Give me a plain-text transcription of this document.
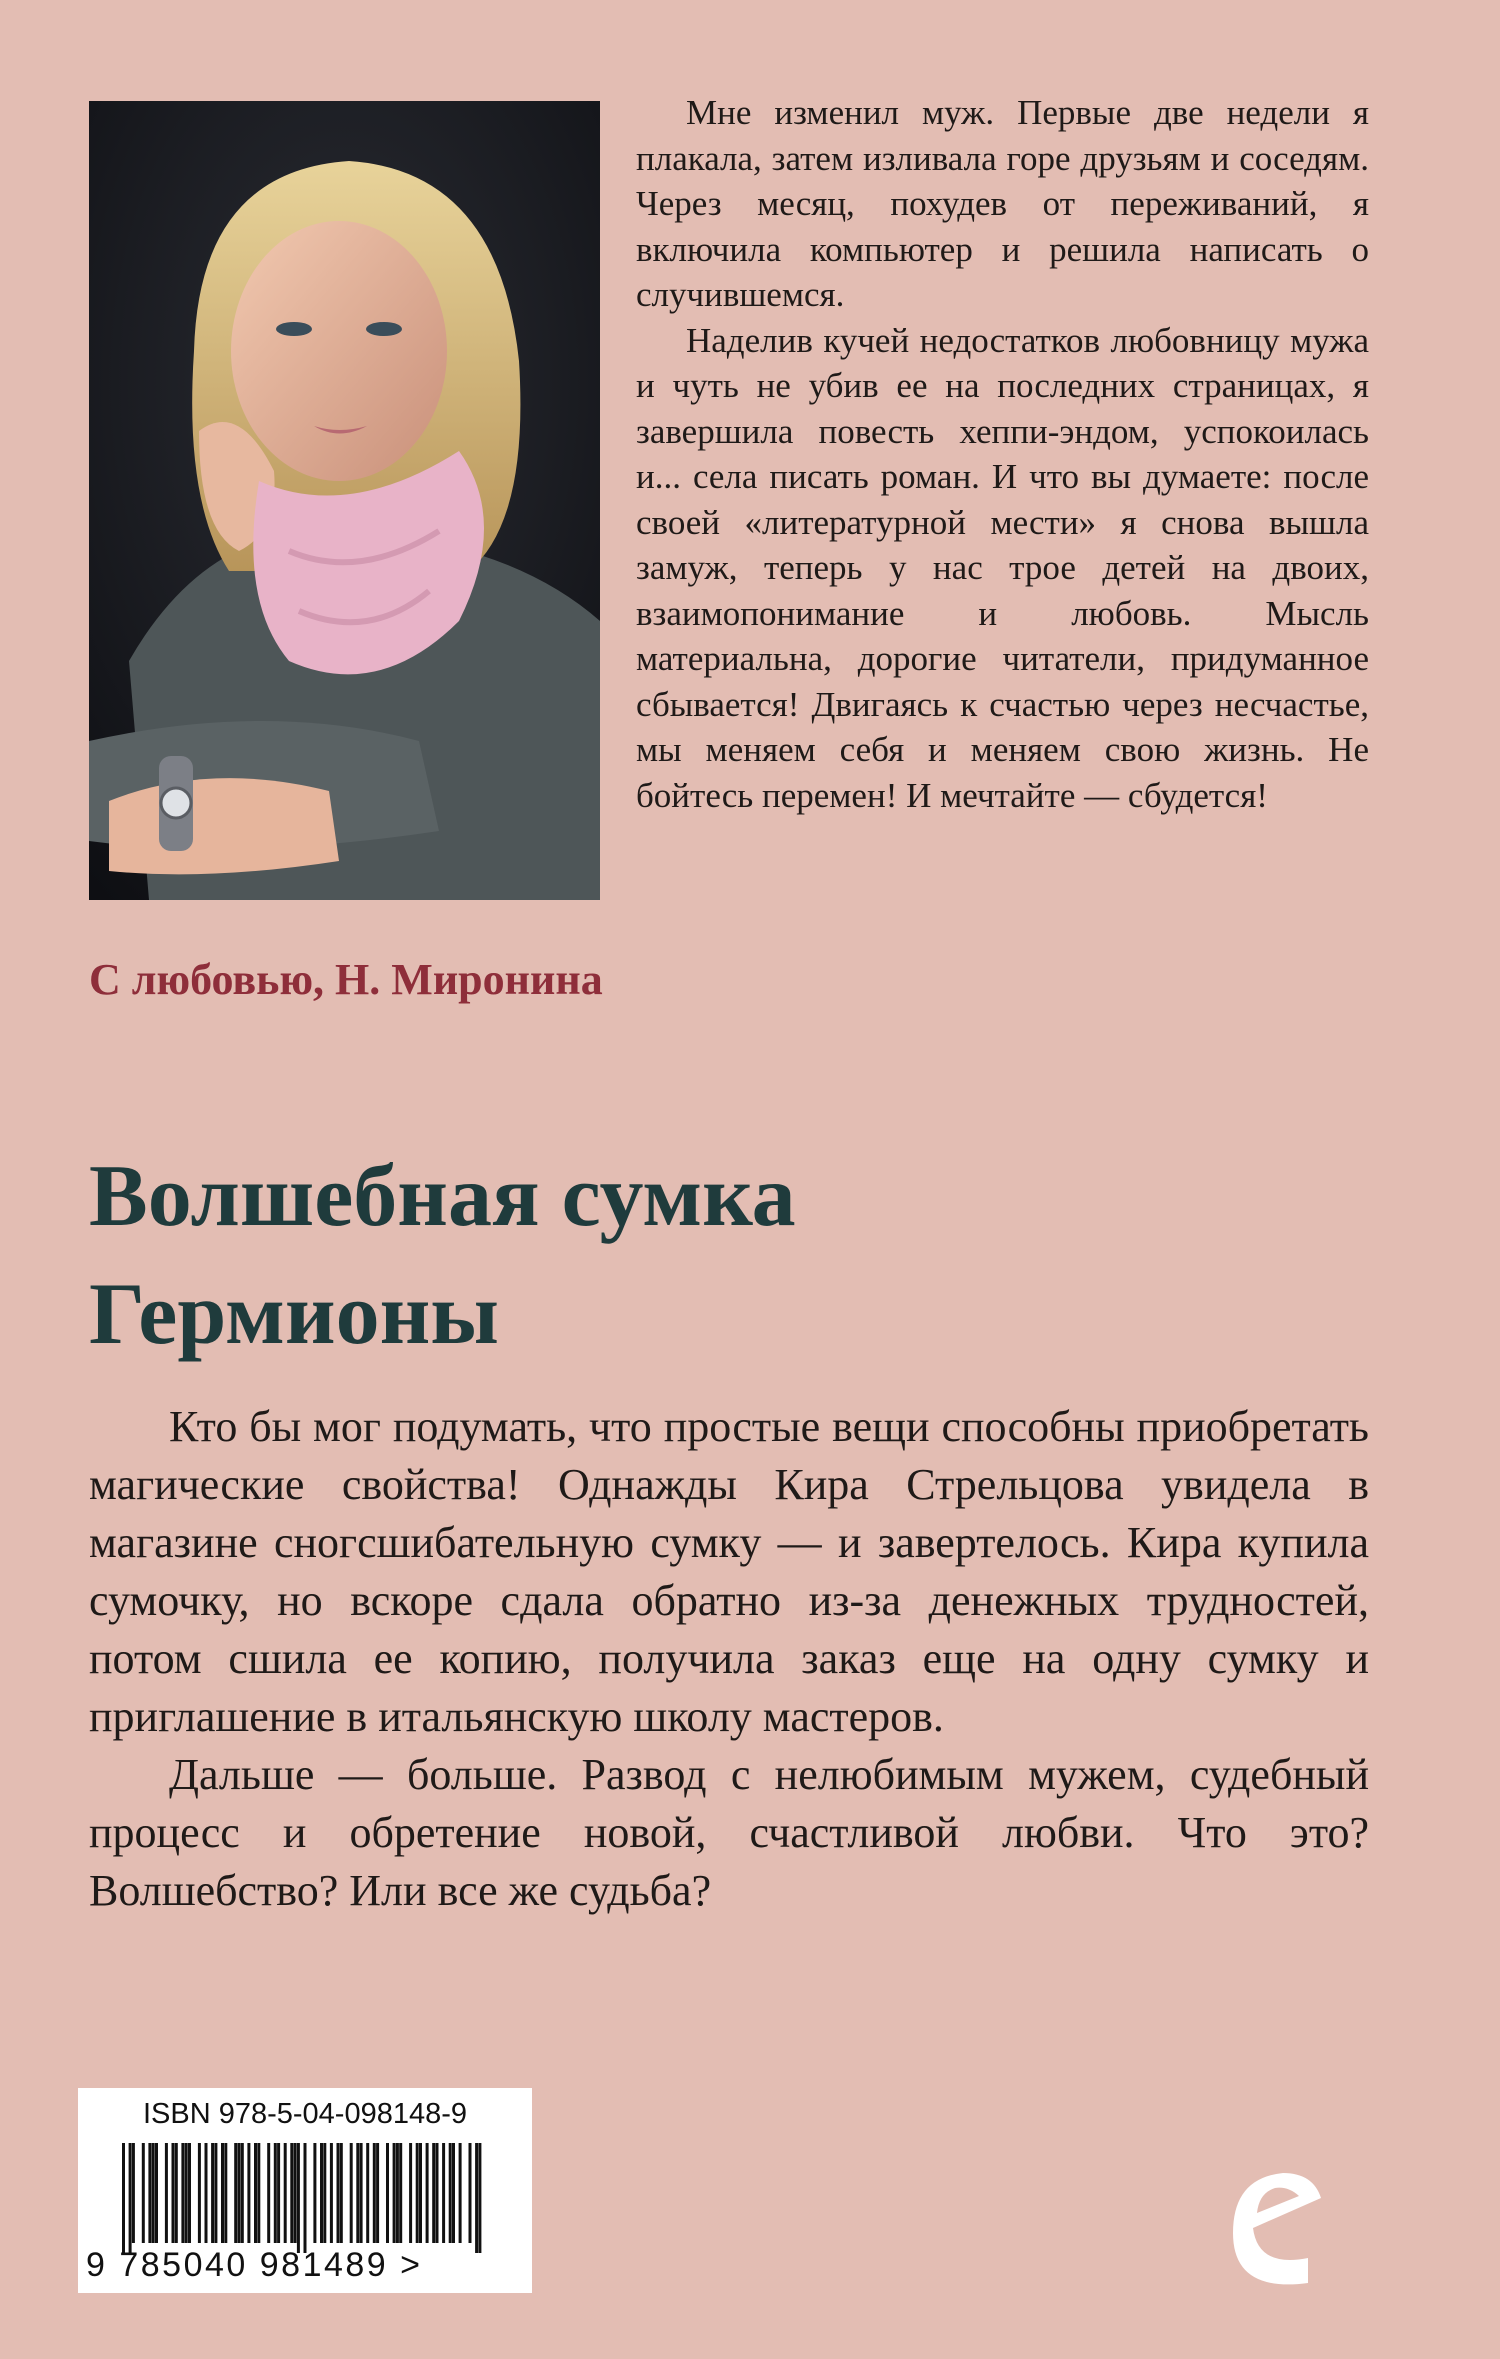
Мне изменил муж. Первые две недели я плакала, затем изливала горе друзьям и соседям. Через месяц, похудев от переживаний, я включила компьютер и решила написать о случившемся.

Наделив кучей недостатков любовницу мужа и чуть не убив ее на последних страницах, я завершила повесть хеппи-эндом, успокоилась и... села писать роман. И что вы думаете: после своей «литературной мести» я снова вышла замуж, теперь у нас трое детей на двоих, взаимопонимание и любовь. Мысль материальна, дорогие читатели, придуманное сбывается! Двигаясь к счастью через несчастье, мы меняем себя и меняем свою жизнь. Не бойтесь перемен! И мечтайте — сбудется!

С любовью, Н. Миронина
Волшебная сумка
Гермионы

Кто бы мог подумать, что простые вещи способны приобретать магические свойства! Однажды Кира Стрельцова увидела в магазине сногсшибательную сумку — и завертелось. Кира купила сумочку, но вскоре сдала обратно из-за денежных трудностей, потом сшила ее копию, получила заказ еще на одну сумку и приглашение в итальянскую школу мастеров.

Дальше — больше. Развод с нелюбимым мужем, судебный процесс и обретение новой, счастливой любви. Что это? Волшебство? Или все же судьба?

ISBN 978-5-04-098148-9
9 785040 981489 >
